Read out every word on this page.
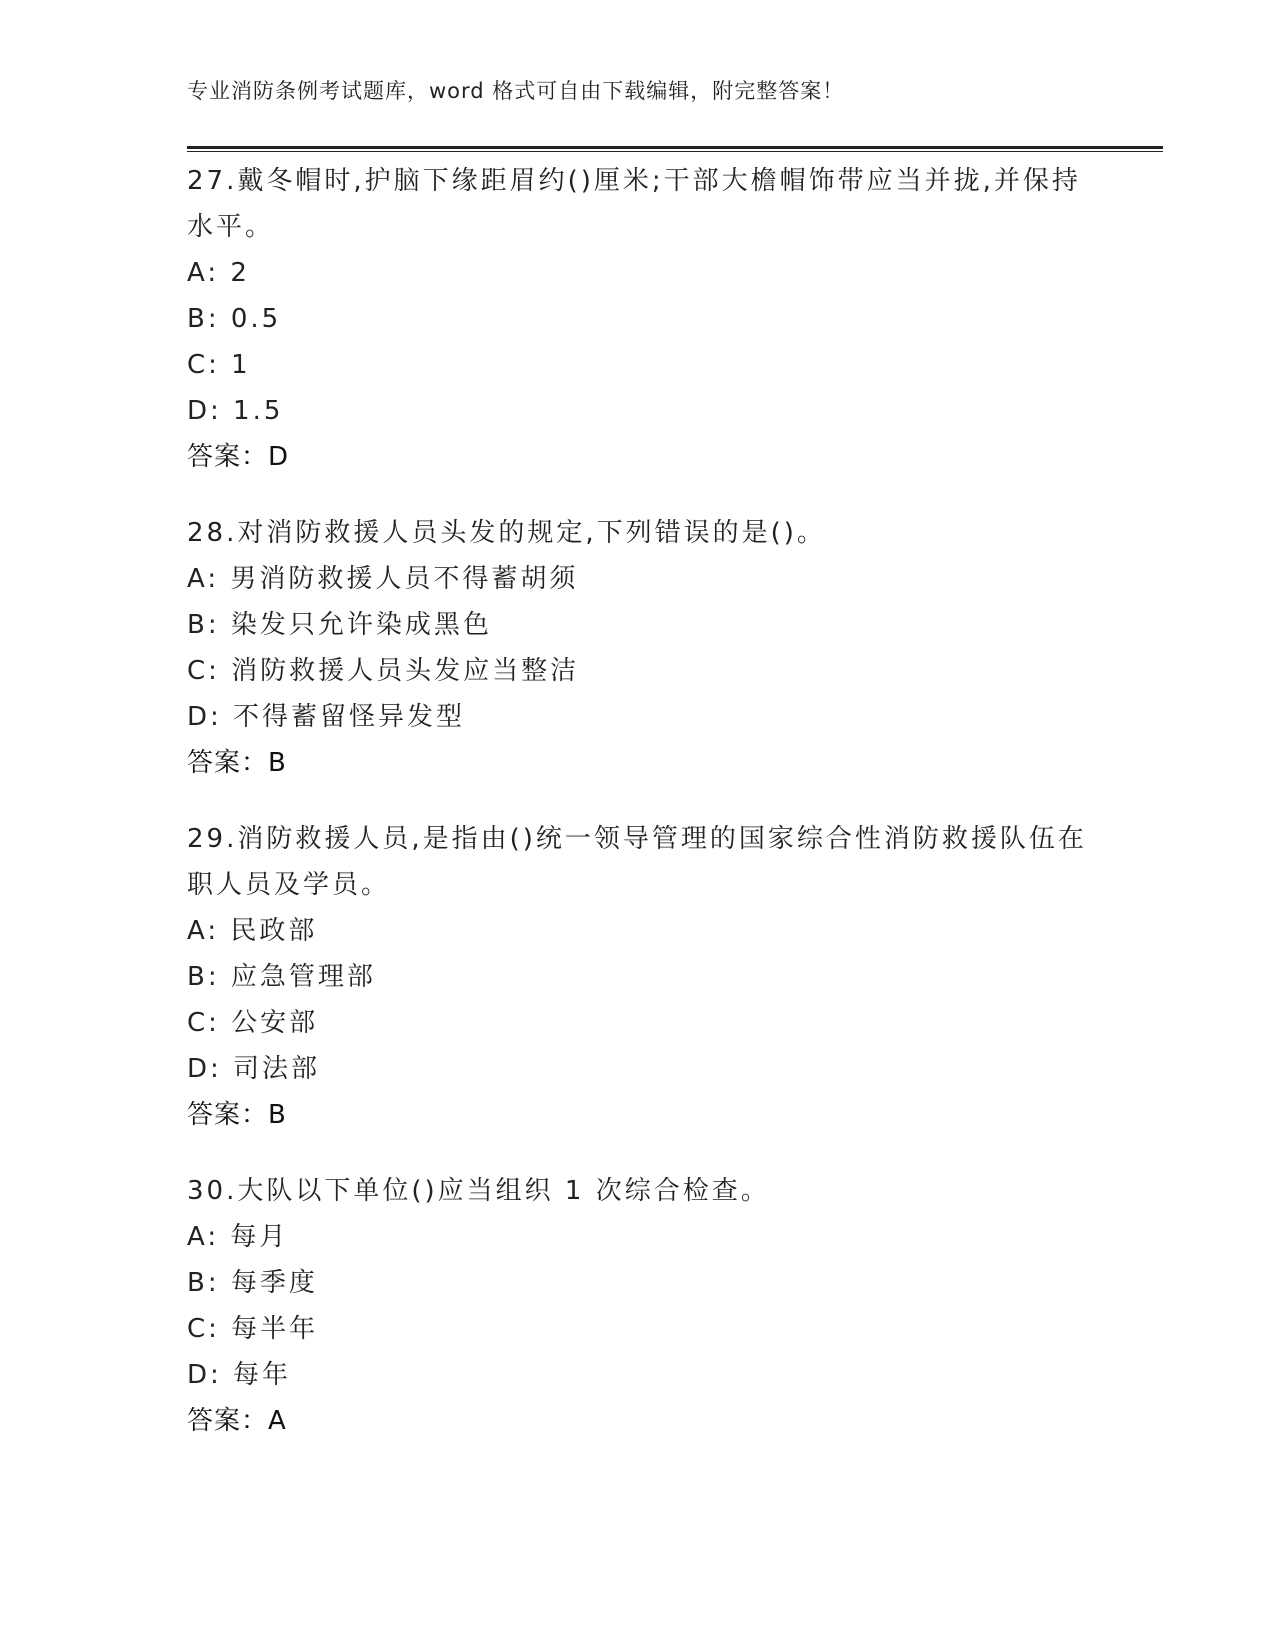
专业消防条例考试题库，word 格式可自由下载编辑，附完整答案！
27.戴冬帽时,护脑下缘距眉约()厘米;干部大檐帽饰带应当并拢,并保持水平。
A: 2
B: 0.5
C: 1
D: 1.5
答案：D
28.对消防救援人员头发的规定,下列错误的是()。
A: 男消防救援人员不得蓄胡须
B: 染发只允许染成黑色
C: 消防救援人员头发应当整洁
D: 不得蓄留怪异发型
答案：B
29.消防救援人员,是指由()统一领导管理的国家综合性消防救援队伍在职人员及学员。
A: 民政部
B: 应急管理部
C: 公安部
D: 司法部
答案：B
30.大队以下单位()应当组织 1 次综合检查。
A: 每月
B: 每季度
C: 每半年
D: 每年
答案：A
